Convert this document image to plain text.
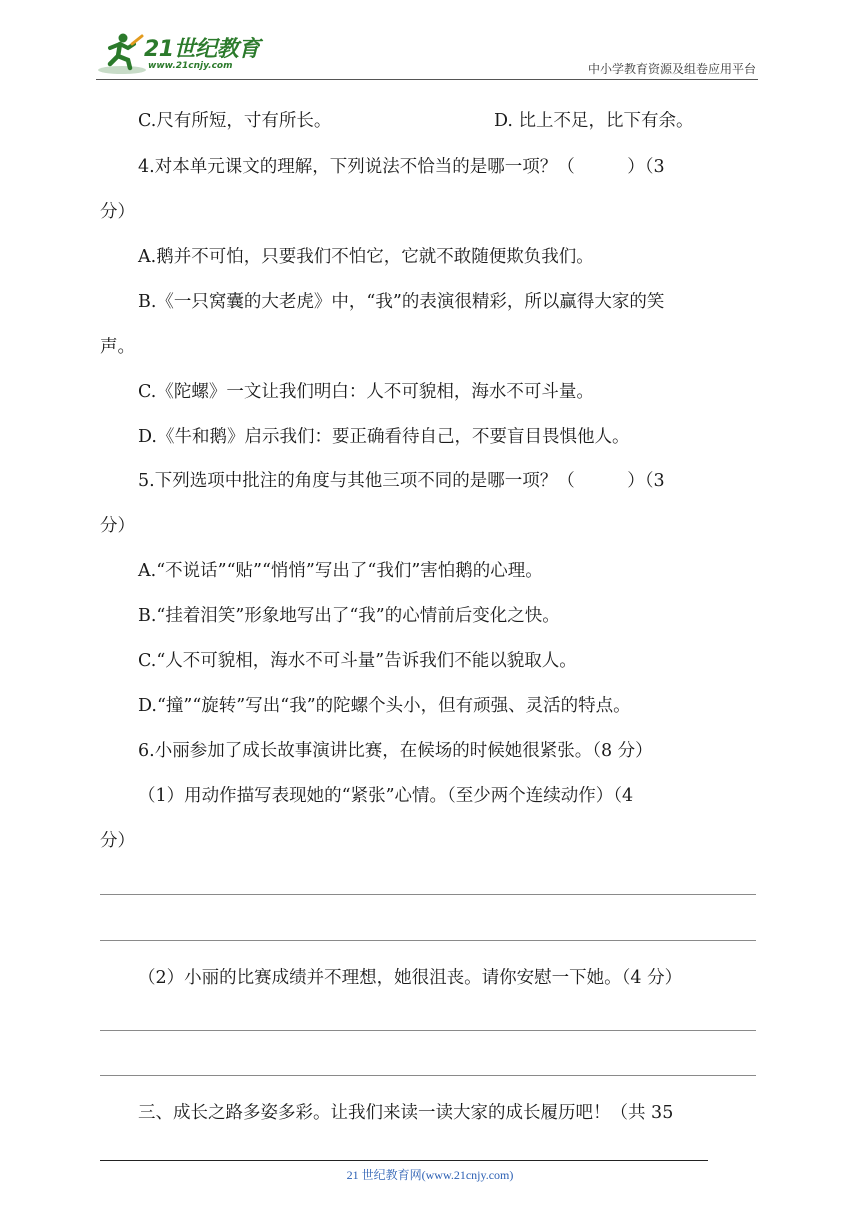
21世纪教育
www.21cnjy.com	中小学教育资源及组卷应用平台
C.尺有所短，寸有所长。	D. 比上不足，比下有余。
4.对本单元课文的理解，下列说法不恰当的是哪一项？（　　　）（3
分）
A.鹅并不可怕，只要我们不怕它，它就不敢随便欺负我们。
B.《一只窝囊的大老虎》中，“我”的表演很精彩，所以赢得大家的笑
声。
C.《陀螺》一文让我们明白：人不可貌相，海水不可斗量。
D.《牛和鹅》启示我们：要正确看待自己，不要盲目畏惧他人。
5.下列选项中批注的角度与其他三项不同的是哪一项？（　　　）（3
分）
A.“不说话”“贴”“悄悄”写出了“我们”害怕鹅的心理。
B.“挂着泪笑”形象地写出了“我”的心情前后变化之快。
C.“人不可貌相，海水不可斗量”告诉我们不能以貌取人。
D.“撞”“旋转”写出“我”的陀螺个头小，但有顽强、灵活的特点。
6.小丽参加了成长故事演讲比赛，在候场的时候她很紧张。（8 分）
（1）用动作描写表现她的“紧张”心情。（至少两个连续动作）（4
分）
（2）小丽的比赛成绩并不理想，她很沮丧。请你安慰一下她。（4 分）
三、成长之路多姿多彩。让我们来读一读大家的成长履历吧！（共 35
21 世纪教育网(www.21cnjy.com)
